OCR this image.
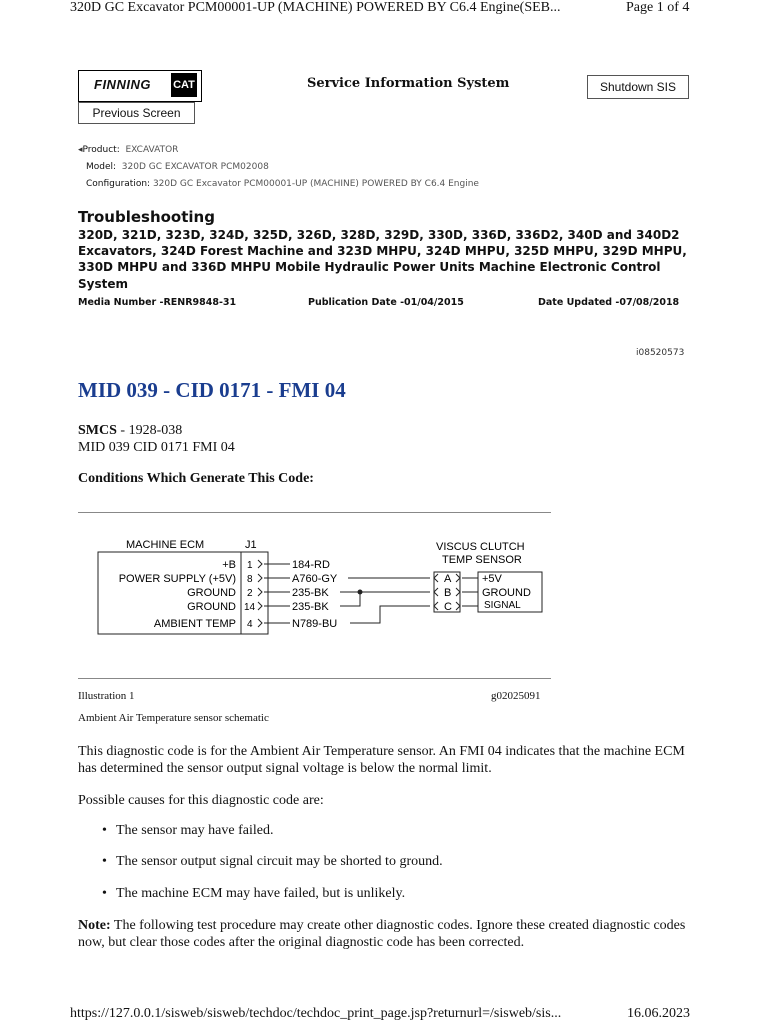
320D GC Excavator PCM00001-UP (MACHINE) POWERED BY C6.4 Engine(SEB...	Page 1 of 4
FINNING CAT	Service Information System	Shutdown SIS
Previous Screen
◂Product: EXCAVATOR
Model: 320D GC EXCAVATOR PCM02008
Configuration: 320D GC Excavator PCM00001-UP (MACHINE) POWERED BY C6.4 Engine
Troubleshooting
320D, 321D, 323D, 324D, 325D, 326D, 328D, 329D, 330D, 336D, 336D2, 340D and 340D2 Excavators, 324D Forest Machine and 323D MHPU, 324D MHPU, 325D MHPU, 329D MHPU, 330D MHPU and 336D MHPU Mobile Hydraulic Power Units Machine Electronic Control System
Media Number -RENR9848-31	Publication Date -01/04/2015	Date Updated -07/08/2018
i08520573
MID 039 - CID 0171 - FMI 04
SMCS - 1928-038
MID 039 CID 0171 FMI 04
Conditions Which Generate This Code:
MACHINE ECM	J1
+B
POWER SUPPLY (+5V)
GROUND
GROUND
AMBIENT TEMP
1
8
2
14
4
184-RD
A760-GY
235-BK
235-BK
N789-BU
A
B
C
+5V
GROUND
SIGNAL
VISCUS CLUTCH
TEMP SENSOR
Illustration 1	g02025091
Ambient Air Temperature sensor schematic
This diagnostic code is for the Ambient Air Temperature sensor. An FMI 04 indicates that the machine ECM has determined the sensor output signal voltage is below the normal limit.
Possible causes for this diagnostic code are:
• The sensor may have failed.
• The sensor output signal circuit may be shorted to ground.
• The machine ECM may have failed, but is unlikely.
Note: The following test procedure may create other diagnostic codes. Ignore these created diagnostic codes now, but clear those codes after the original diagnostic code has been corrected.
https://127.0.0.1/sisweb/sisweb/techdoc/techdoc_print_page.jsp?returnurl=/sisweb/sis...	16.06.2023
